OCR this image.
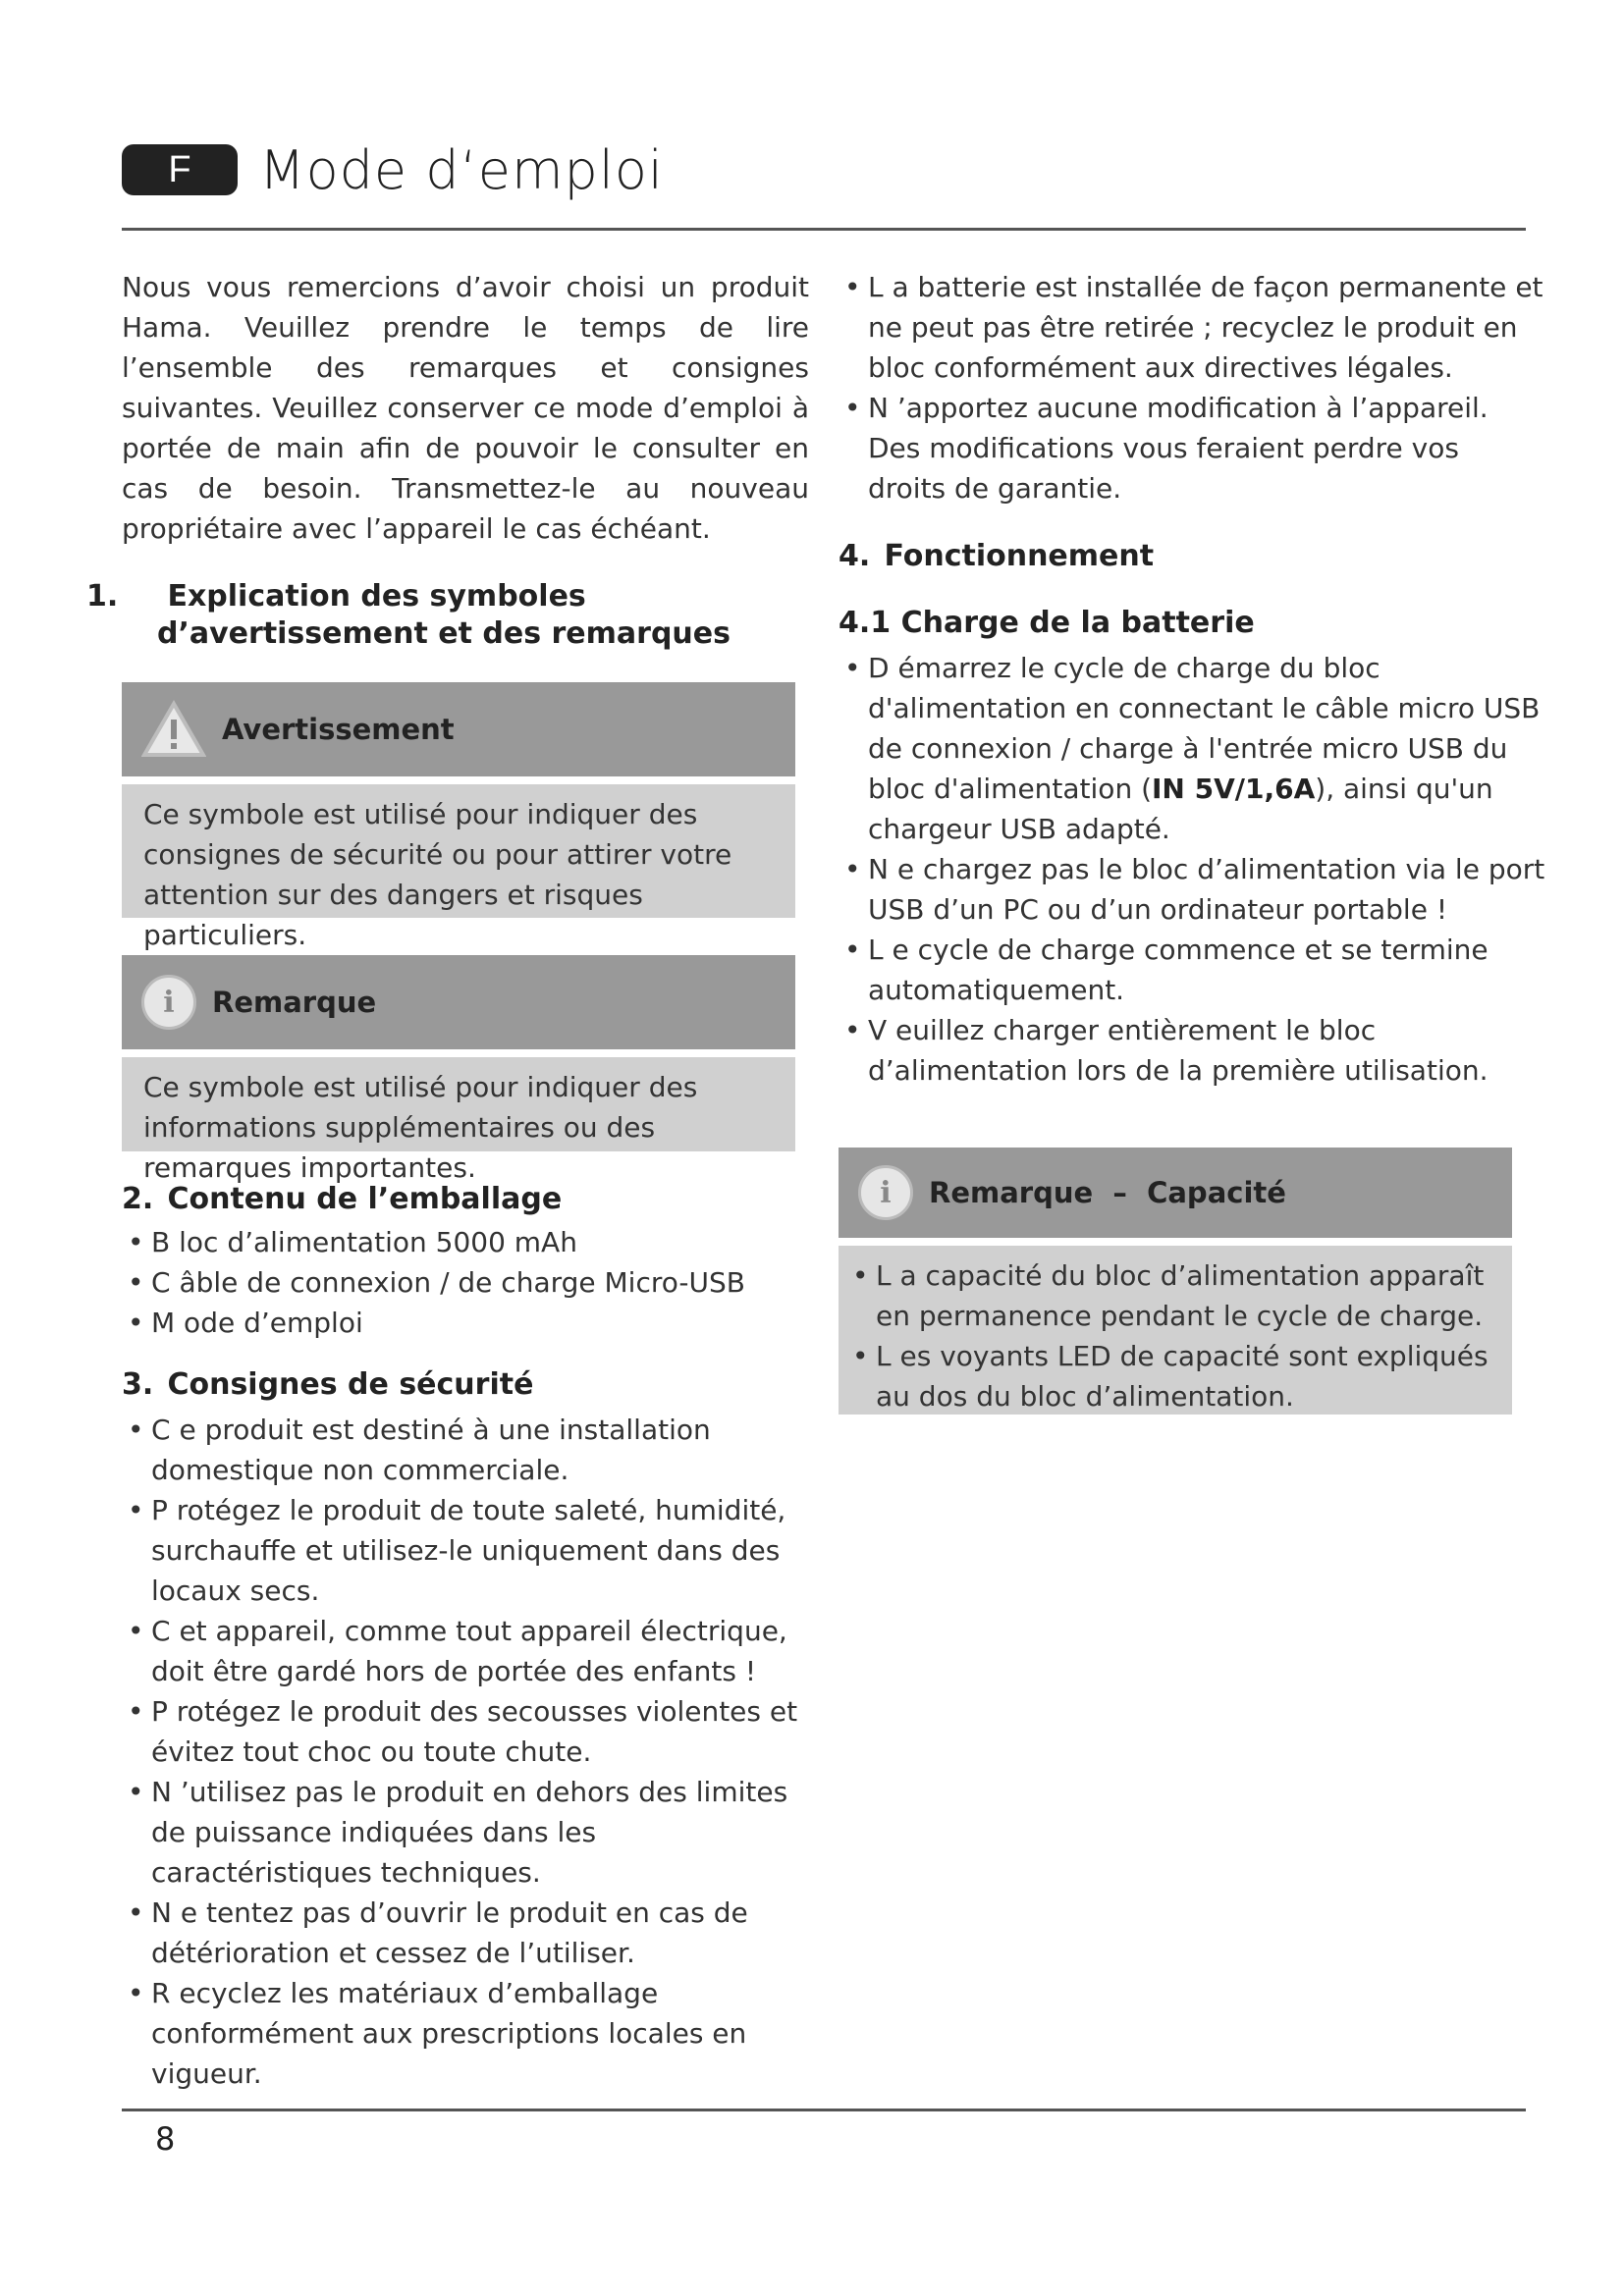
F	Mode d‘emploi

Nous vous remercions d’avoir choisi un produit Hama. Veuillez prendre le temps de lire l’ensemble des remarques et consignes suivantes. Veuillez conserver ce mode d’emploi à portée de main afin de pouvoir le consulter en cas de besoin. Transmettez-le au nouveau propriétaire avec l’appareil le cas échéant.

1. Explication des symboles d’avertissement et des remarques
Avertissement
Ce symbole est utilisé pour indiquer des consignes de sécurité ou pour attirer votre attention sur des dangers et risques particuliers.
i	Remarque
Ce symbole est utilisé pour indiquer des informations supplémentaires ou des remarques importantes.
2. Contenu de l’emballage
• B loc d’alimentation 5000 mAh
• C âble de connexion / de charge Micro-USB
• M ode d’emploi
3. Consignes de sécurité
• C e produit est destiné à une installation domestique non commerciale.
• P rotégez le produit de toute saleté, humidité, surchauffe et utilisez-le uniquement dans des locaux secs.
• C et appareil, comme tout appareil électrique, doit être gardé hors de portée des enfants !
• P rotégez le produit des secousses violentes et évitez tout choc ou toute chute.
• N ’utilisez pas le produit en dehors des limites de puissance indiquées dans les caractéristiques techniques.
• N e tentez pas d’ouvrir le produit en cas de détérioration et cessez de l’utiliser.
• R ecyclez les matériaux d’emballage conformément aux prescriptions locales en vigueur.
• L a batterie est installée de façon permanente et ne peut pas être retirée ; recyclez le produit en bloc conformément aux directives légales.
• N ’apportez aucune modification à l’appareil. Des modifications vous feraient perdre vos droits de garantie.
4. Fonctionnement
4.1 Charge de la batterie
• D émarrez le cycle de charge du bloc d'alimentation en connectant le câble micro USB de connexion / charge à l'entrée micro USB du bloc d'alimentation (IN 5V/1,6A), ainsi qu'un chargeur USB adapté.
• N e chargez pas le bloc d’alimentation via le port USB d’un PC ou d’un ordinateur portable !
• L e cycle de charge commence et se termine automatiquement.
• V euillez charger entièrement le bloc d’alimentation lors de la première utilisation.
i	Remarque – Capacité
• L a capacité du bloc d’alimentation apparaît en permanence pendant le cycle de charge.
• L es voyants LED de capacité sont expliqués au dos du bloc d’alimentation.
8
